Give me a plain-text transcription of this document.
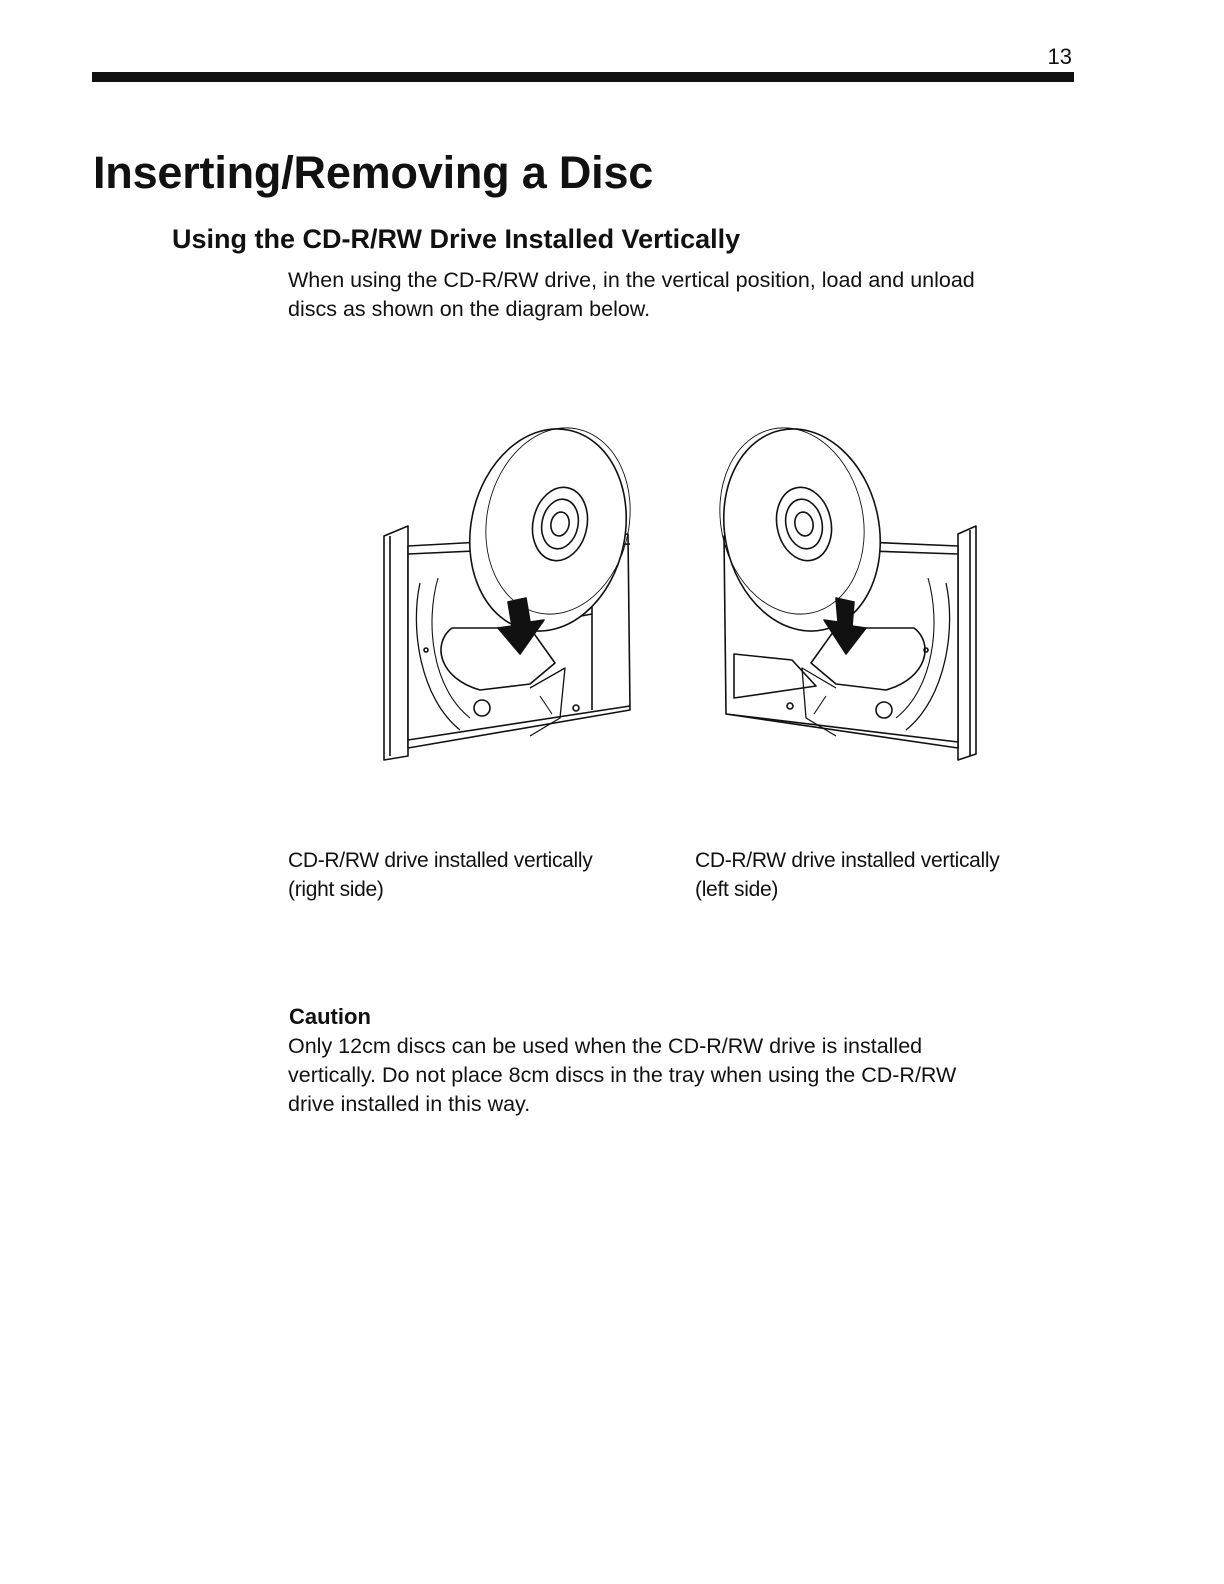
13
Inserting/Removing a Disc
Using the CD-R/RW Drive Installed Vertically

When using the CD-R/RW drive, in the vertical position, load and unload
discs as shown on the diagram below.

CD-R/RW drive installed vertically
(right side)

CD-R/RW drive installed vertically
(left side)

Caution

Only 12cm discs can be used when the CD-R/RW drive is installed
vertically. Do not place 8cm discs in the tray when using the CD-R/RW
drive installed in this way.
